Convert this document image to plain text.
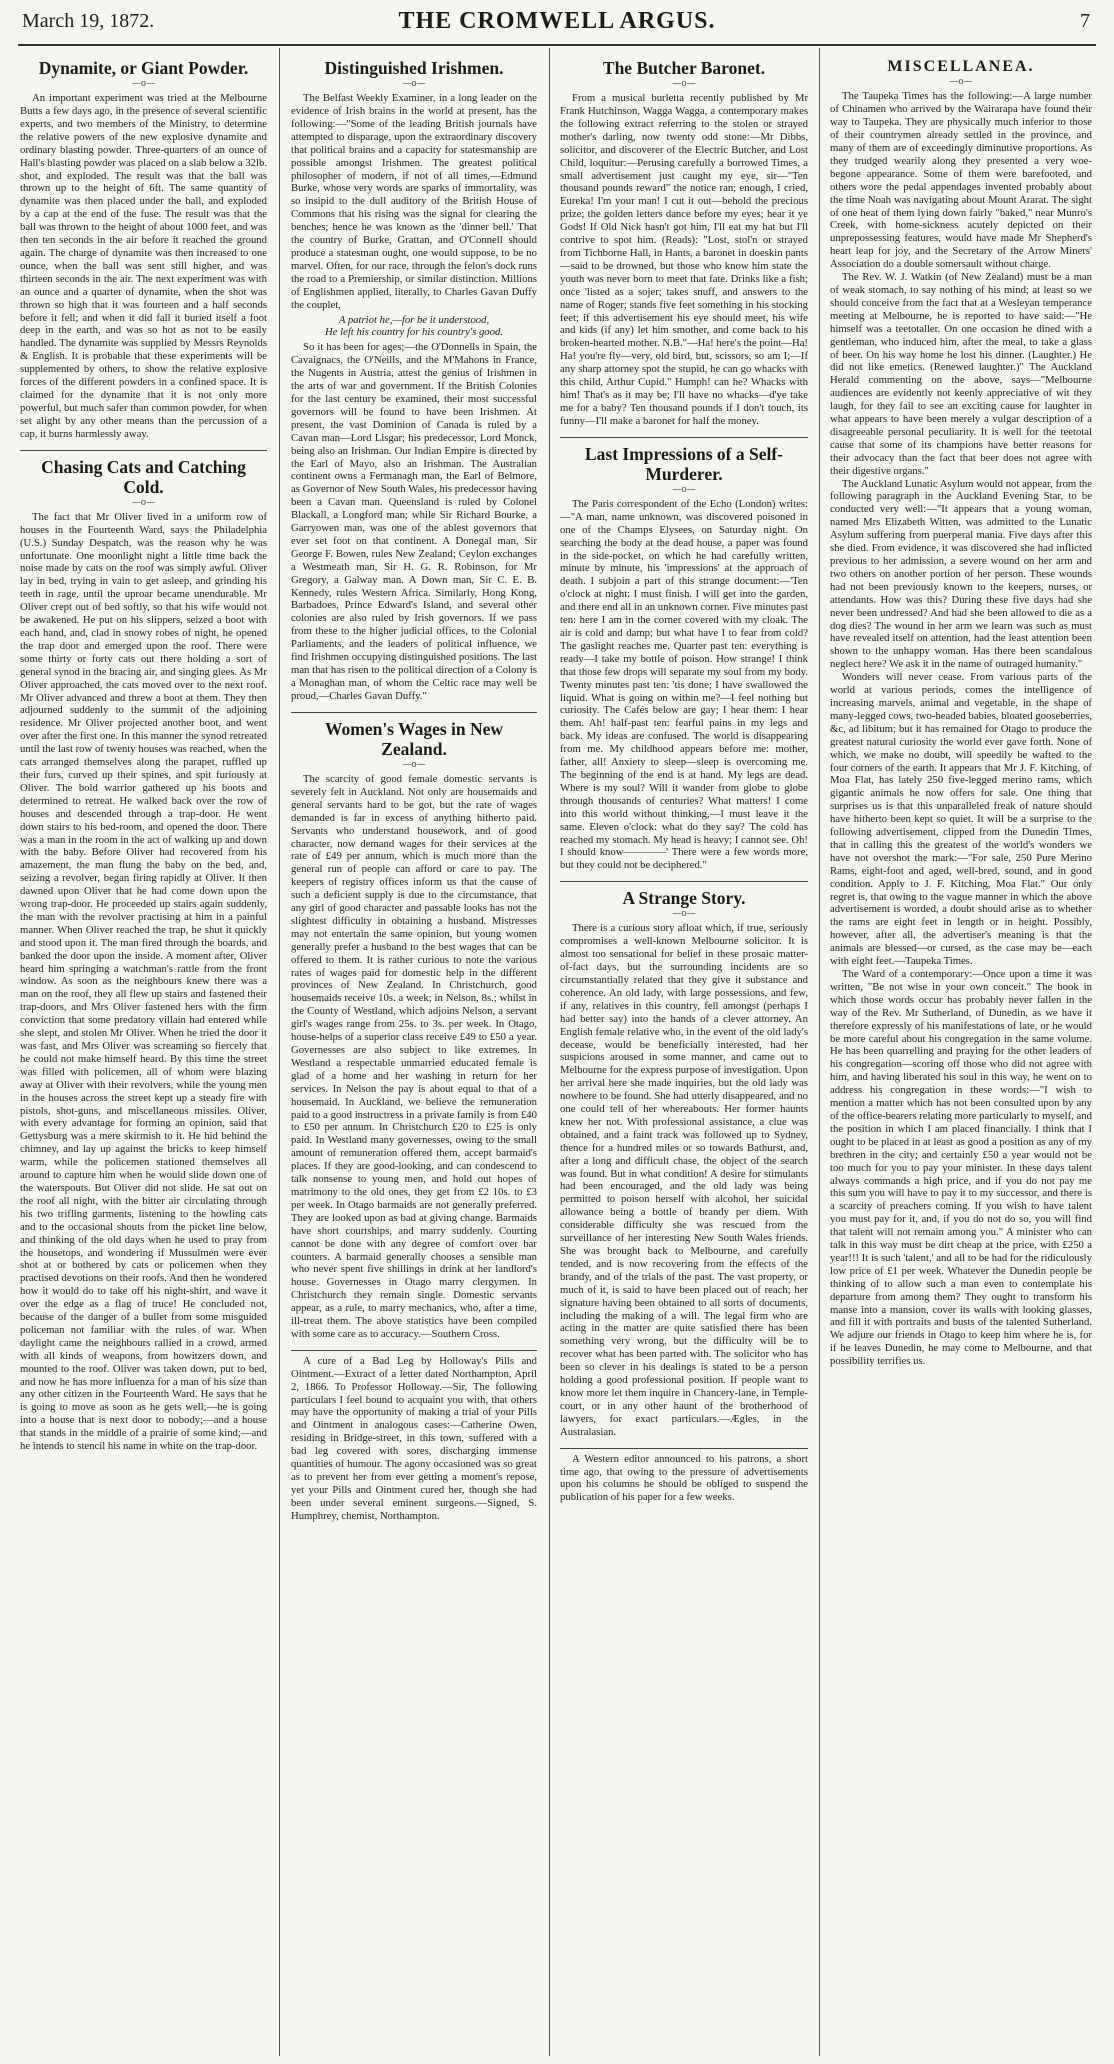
March 19, 1872.	THE CROMWELL ARGUS.	7
Dynamite, or Giant Powder.
—o—

An important experiment was tried at the Melbourne Butts a few days ago, in the presence of several scientific experts, and two members of the Ministry, to determine the relative powers of the new explosive dynamite and ordinary blasting powder. Three-quarters of an ounce of Hall's blasting powder was placed on a slab below a 32lb. shot, and exploded. The result was that the ball was thrown up to the height of 6ft. The same quantity of dynamite was then placed under the ball, and exploded by a cap at the end of the fuse. The result was that the ball was thrown to the height of about 1000 feet, and was then ten seconds in the air before it reached the ground again. The charge of dynamite was then increased to one ounce, when the ball was sent still higher, and was thirteen seconds in the air. The next experiment was with an ounce and a quarter of dynamite, when the shot was thrown so high that it was fourteen and a half seconds before it fell; and when it did fall it buried itself a foot deep in the earth, and was so hot as not to be easily handled. The dynamite was supplied by Messrs Reynolds & English. It is probable that these experiments will be supplemented by others, to show the relative explosive forces of the different powders in a confined space. It is claimed for the dynamite that it is not only more powerful, but much safer than common powder, for when set alight by any other means than the percussion of a cap, it burns harmlessly away.

Chasing Cats and Catching Cold.
—o—

The fact that Mr Oliver lived in a uniform row of houses in the Fourteenth Ward, says the Philadelphia (U.S.) Sunday Despatch, was the reason why he was unfortunate. One moonlight night a little time back the noise made by cats on the roof was simply awful. Oliver lay in bed, trying in vain to get asleep, and grinding his teeth in rage, until the uproar became unendurable. Mr Oliver crept out of bed softly, so that his wife would not be awakened. He put on his slippers, seized a boot with each hand, and, clad in snowy robes of night, he opened the trap door and emerged upon the roof. There were some thirty or forty cats out there holding a sort of general synod in the bracing air, and singing glees. As Mr Oliver approached, the cats moved over to the next roof. Mr Oliver advanced and threw a boot at them. They then adjourned suddenly to the summit of the adjoining residence. Mr Oliver projected another boot, and went over after the first one. In this manner the synod retreated until the last row of twenty houses was reached, when the cats arranged themselves along the parapet, ruffled up their furs, curved up their spines, and spit furiously at Oliver. The bold warrior gathered up his boots and determined to retreat. He walked back over the row of houses and descended through a trap-door. He went down stairs to his bed-room, and opened the door. There was a man in the room in the act of walking up and down with the baby. Before Oliver had recovered from his amazement, the man flung the baby on the bed, and, seizing a revolver, began firing rapidly at Oliver. It then dawned upon Oliver that he had come down upon the wrong trap-door. He proceeded up stairs again suddenly, the man with the revolver practising at him in a painful manner. When Oliver reached the trap, he shut it quickly and stood upon it. The man fired through the boards, and banked the door upon the inside. A moment after, Oliver heard him springing a watchman's rattle from the front window. As soon as the neighbours knew there was a man on the roof, they all flew up stairs and fastened their trap-doors, and Mrs Oliver fastened hers with the firm conviction that some predatory villain had entered while she slept, and stolen Mr Oliver. When he tried the door it was fast, and Mrs Oliver was screaming so fiercely that he could not make himself heard. By this time the street was filled with policemen, all of whom were blazing away at Oliver with their revolvers, while the young men in the houses across the street kept up a steady fire with pistols, shot-guns, and miscellaneous missiles. Oliver, with every advantage for forming an opinion, said that Gettysburg was a mere skirmish to it. He hid behind the chimney, and lay up against the bricks to keep himself warm, while the policemen stationed themselves all around to capture him when he would slide down one of the waterspouts. But Oliver did not slide. He sat out on the roof all night, with the bitter air circulating through his two trifling garments, listening to the howling cats and to the occasional shouts from the picket line below, and thinking of the old days when he used to pray from the housetops, and wondering if Mussulmen were ever shot at or bothered by cats or policemen when they practised devotions on their roofs. And then he wondered how it would do to take off his night-shirt, and wave it over the edge as a flag of truce! He concluded not, because of the danger of a bullet from some misguided policeman not familiar with the rules of war. When daylight came the neighbours rallied in a crowd, armed with all kinds of weapons, from howitzers down, and mounted to the roof. Oliver was taken down, put to bed, and now he has more influenza for a man of his size than any other citizen in the Fourteenth Ward. He says that he is going to move as soon as he gets well;—he is going into a house that is next door to nobody;—and a house that stands in the middle of a prairie of some kind;—and he intends to stencil his name in white on the trap-door.

Distinguished Irishmen.
—o—

The Belfast Weekly Examiner, in a long leader on the evidence of Irish brains in the world at present, has the following:—"Some of the leading British journals have attempted to disparage, upon the extraordinary discovery that political brains and a capacity for statesmanship are possible amongst Irishmen. The greatest political philosopher of modern, if not of all times,—Edmund Burke, whose very words are sparks of immortality, was so insipid to the dull auditory of the British House of Commons that his rising was the signal for clearing the benches; hence he was known as the 'dinner bell.' That the country of Burke, Grattan, and O'Connell should produce a statesman ought, one would suppose, to be no marvel. Often, for our race, through the felon's dock runs the road to a Premiership, or similar distinction. Millions of Englishmen applied, literally, to Charles Gavan Duffy the couplet,

A patriot he,—for be it understood,
He left his country for his country's good.

So it has been for ages;—the O'Donnells in Spain, the Cavaignacs, the O'Neills, and the M'Mahons in France, the Nugents in Austria, attest the genius of Irishmen in the arts of war and government. If the British Colonies for the last century be examined, their most successful governors will be found to have been Irishmen. At present, the vast Dominion of Canada is ruled by a Cavan man—Lord Lisgar; his predecessor, Lord Monck, being also an Irishman. Our Indian Empire is directed by the Earl of Mayo, also an Irishman. The Australian continent owns a Fermanagh man, the Earl of Belmore, as Governor of New South Wales, his predecessor having been a Cavan man. Queensland is ruled by Colonel Blackall, a Longford man; while Sir Richard Bourke, a Garryowen man, was one of the ablest governors that ever set foot on that continent. A Donegal man, Sir George F. Bowen, rules New Zealand; Ceylon exchanges a Westmeath man, Sir H. G. R. Robinson, for Mr Gregory, a Galway man. A Down man, Sir C. E. B. Kennedy, rules Western Africa. Similarly, Hong Kong, Barbadoes, Prince Edward's Island, and several other colonies are also ruled by Irish governors. If we pass from these to the higher judicial offices, to the Colonial Parliaments, and the leaders of political influence, we find Irishmen occupying distinguished positions. The last man that has risen to the political direction of a Colony is a Monaghan man, of whom the Celtic race may well be proud,—Charles Gavan Duffy."

Women's Wages in New Zealand.
—o—

The scarcity of good female domestic servants is severely felt in Auckland. Not only are housemaids and general servants hard to be got, but the rate of wages demanded is far in excess of anything hitherto paid. Servants who understand housework, and of good character, now demand wages for their services at the rate of £49 per annum, which is much more than the general run of people can afford or care to pay. The keepers of registry offices inform us that the cause of such a deficient supply is due to the circumstance, that any girl of good character and passable looks has not the slightest difficulty in obtaining a husband. Mistresses may not entertain the same opinion, but young women generally prefer a husband to the best wages that can be offered to them. It is rather curious to note the various rates of wages paid for domestic help in the different provinces of New Zealand. In Christchurch, good housemaids receive 10s. a week; in Nelson, 8s.; whilst in the County of Westland, which adjoins Nelson, a servant girl's wages range from 25s. to 3s. per week. In Otago, house-helps of a superior class receive £49 to £50 a year. Governesses are also subject to like extremes. In Westland a respectable unmarried educated female is glad of a home and her washing in return for her services. In Nelson the pay is about equal to that of a housemaid. In Auckland, we believe the remuneration paid to a good instructress in a private family is from £40 to £50 per annum. In Christchurch £20 to £25 is only paid. In Westland many governesses, owing to the small amount of remuneration offered them, accept barmaid's places. If they are good-looking, and can condescend to talk nonsense to young men, and hold out hopes of matrimony to the old ones, they get from £2 10s. to £3 per week. In Otago barmaids are not generally preferred. They are looked upon as bad at giving change. Barmaids have short courtships, and marry suddenly. Courting cannot be done with any degree of comfort over bar counters. A barmaid generally chooses a sensible man who never spent five shillings in drink at her landlord's house. Governesses in Otago marry clergymen. In Christchurch they remain single. Domestic servants appear, as a rule, to marry mechanics, who, after a time, ill-treat them. The above statistics have been compiled with some care as to accuracy.—Southern Cross.

A cure of a Bad Leg by Holloway's Pills and Ointment.—Extract of a letter dated Northampton, April 2, 1866. To Professor Holloway.—Sir, The following particulars I feel bound to acquaint you with, that others may have the opportunity of making a trial of your Pills and Ointment in analogous cases:—Catherine Owen, residing in Bridge-street, in this town, suffered with a bad leg covered with sores, discharging immense quantities of humour. The agony occasioned was so great as to prevent her from ever getting a moment's repose, yet your Pills and Ointment cured her, though she had been under several eminent surgeons.—Signed, S. Humphrey, chemist, Northampton.

The Butcher Baronet.
—o—

From a musical burletta recently published by Mr Frank Hutchinson, Wagga Wagga, a contemporary makes the following extract referring to the stolen or strayed mother's darling, now twenty odd stone:—Mr Dibbs, solicitor, and discoverer of the Electric Butcher, and Lost Child, loquitur:—Perusing carefully a borrowed Times, a small advertisement just caught my eye, sir—"Ten thousand pounds reward" the notice ran; enough, I cried, Eureka! I'm your man! I cut it out—behold the precious prize; the golden letters dance before my eyes; hear it ye Gods! If Old Nick hasn't got him, I'll eat my hat but I'll contrive to spot him. (Reads): "Lost, stol'n or strayed from Tichborne Hall, in Hants, a baronet in doeskin pants—said to be drowned, but those who know him state the youth was never born to meet that fate. Drinks like a fish; once 'listed as a sojer; takes snuff, and answers to the name of Roger; stands five feet something in his stocking feet; if this advertisement his eye should meet, his wife and kids (if any) let him smother, and come back to his broken-hearted mother. N.B."—Ha! here's the point—Ha! Ha! you're fly—very, old bird, but, scissors, so am I;—If any sharp attorney spot the stupid, he can go whacks with this child, Arthur Cupid." Humph! can he? Whacks with him! That's as it may be; I'll have no whacks—d'ye take me for a baby? Ten thousand pounds if I don't touch, its funny—I'll make a baronet for half the money.

Last Impressions of a Self-Murderer.
—o—

The Paris correspondent of the Echo (London) writes:—"A man, name unknown, was discovered poisoned in one of the Champs Elysees, on Saturday night. On searching the body at the dead house, a paper was found in the side-pocket, on which he had carefully written, minute by minute, his 'impressions' at the approach of death. I subjoin a part of this strange document:—'Ten o'clock at night: I must finish. I will get into the garden, and there end all in an unknown corner. Five minutes past ten: here I am in the corner covered with my cloak. The air is cold and damp; but what have I to fear from cold? The gaslight reaches me. Quarter past ten: everything is ready—I take my bottle of poison. How strange! I think that those few drops will separate my soul from my body. Twenty minutes past ten: 'tis done; I have swallowed the liquid. What is going on within me?—I feel nothing but curiosity. The Cafés below are gay; I hear them: I hear them. Ah! half-past ten: fearful pains in my legs and back. My ideas are confused. The world is disappearing from me. My childhood appears before me: mother, father, all! Anxiety to sleep—sleep is overcoming me. The beginning of the end is at hand. My legs are dead. Where is my soul? Will it wander from globe to globe through thousands of centuries? What matters! I come into this world without thinking,—I must leave it the same. Eleven o'clock: what do they say? The cold has reached my stomach. My head is heavy; I cannot see. Oh! I should know————' There were a few words more, but they could not be deciphered."

A Strange Story.
—o—

There is a curious story afloat which, if true, seriously compromises a well-known Melbourne solicitor. It is almost too sensational for belief in these prosaic matter-of-fact days, but the surrounding incidents are so circumstantially related that they give it substance and coherence. An old lady, with large possessions, and few, if any, relatives in this country, fell amongst (perhaps I had better say) into the hands of a clever attorney. An English female relative who, in the event of the old lady's decease, would be beneficially interested, had her suspicions aroused in some manner, and came out to Melbourne for the express purpose of investigation. Upon her arrival here she made inquiries, but the old lady was nowhere to be found. She had utterly disappeared, and no one could tell of her whereabouts. Her former haunts knew her not. With professional assistance, a clue was obtained, and a faint track was followed up to Sydney, thence for a hundred miles or so towards Bathurst, and, after a long and difficult chase, the object of the search was found. But in what condition! A desire for stimulants had been encouraged, and the old lady was being permitted to poison herself with alcohol, her suicidal allowance being a bottle of brandy per diem. With considerable difficulty she was rescued from the surveillance of her interesting New South Wales friends. She was brought back to Melbourne, and carefully tended, and is now recovering from the effects of the brandy, and of the trials of the past. The vast property, or much of it, is said to have been placed out of reach; her signature having been obtained to all sorts of documents, including the making of a will. The legal firm who are acting in the matter are quite satisfied there has been something very wrong, but the difficulty will be to recover what has been parted with. The solicitor who has been so clever in his dealings is stated to be a person holding a good professional position. If people want to know more let them inquire in Chancery-lane, in Temple-court, or in any other haunt of the brotherhood of lawyers, for exact particulars.—Ægles, in the Australasian.

A Western editor announced to his patrons, a short time ago, that owing to the pressure of advertisements upon his columns he should be obliged to suspend the publication of his paper for a few weeks.

MISCELLANEA.
—o—

The Taupeka Times has the following:—A large number of Chinamen who arrived by the Wairarapa have found their way to Taupeka. They are physically much inferior to those of their countrymen already settled in the province, and many of them are of exceedingly diminutive proportions. As they trudged wearily along they presented a very woe-begone appearance. Some of them were barefooted, and others wore the pedal appendages invented probably about the time Noah was navigating about Mount Ararat. The sight of one heat of them lying down fairly "baked," near Munro's Creek, with home-sickness acutely depicted on their unprepossessing features, would have made Mr Shepherd's heart leap for joy, and the Secretary of the Arrow Miners' Association do a double somersault without charge.

The Rev. W. J. Watkin (of New Zealand) must be a man of weak stomach, to say nothing of his mind; at least so we should conceive from the fact that at a Wesleyan temperance meeting at Melbourne, he is reported to have said:—"He himself was a teetotaller. On one occasion he dined with a gentleman, who induced him, after the meal, to take a glass of beer. On his way home he lost his dinner. (Laughter.) He did not like emetics. (Renewed laughter.)" The Auckland Herald commenting on the above, says—"Melbourne audiences are evidently not keenly appreciative of wit they laugh, for they fail to see an exciting cause for laughter in what appears to have been merely a vulgar description of a disagreeable personal peculiarity. It is well for the teetotal cause that some of its champions have better reasons for their advocacy than the fact that beer does not agree with their digestive organs."

The Auckland Lunatic Asylum would not appear, from the following paragraph in the Auckland Evening Star, to be conducted very well:—"It appears that a young woman, named Mrs Elizabeth Witten, was admitted to the Lunatic Asylum suffering from puerperal mania. Five days after this she died. From evidence, it was discovered she had inflicted previous to her admission, a severe wound on her arm and two others on another portion of her person. These wounds had not been previously known to the keepers, nurses, or attendants. How was this? During these five days had she never been undressed? And had she been allowed to die as a dog dies? The wound in her arm we learn was such as must have revealed itself on attention, had the least attention been shown to the unhappy woman. Has there been scandalous neglect here? We ask it in the name of outraged humanity."

Wonders will never cease. From various parts of the world at various periods, comes the intelligence of increasing marvels, animal and vegetable, in the shape of many-legged cows, two-headed babies, bloated gooseberries, &c, ad libitum; but it has remained for Otago to produce the greatest natural curiosity the world ever gave forth. None of which, we make no doubt, will speedily be wafted to the four corners of the earth. It appears that Mr J. F. Kitching, of Moa Flat, has lately 250 five-legged merino rams, which gigantic animals he now offers for sale. One thing that surprises us is that this unparalleled freak of nature should have hitherto been kept so quiet. It will be a surprise to the following advertisement, clipped from the Dunedin Times, that in calling this the greatest of the world's wonders we have not overshot the mark:—"For sale, 250 Pure Merino Rams, eight-foot and aged, well-bred, sound, and in good condition. Apply to J. F. Kitching, Moa Flat." Our only regret is, that owing to the vague manner in which the above advertisement is worded, a doubt should arise as to whether the rams are eight feet in length or in height. Possibly, however, after all, the advertiser's meaning is that the animals are blessed—or cursed, as the case may be—each with eight feet.—Taupeka Times.

The Ward of a contemporary:—Once upon a time it was written, "Be not wise in your own conceit." The book in which those words occur has probably never fallen in the way of the Rev. Mr Sutherland, of Dunedin, as we have it therefore expressly of his manifestations of late, or he would be more careful about his congregation in the same volume. He has been quarrelling and praying for the other leaders of his congregation—scoring off those who did not agree with him, and having liberated his soul in this way, he went on to address his congregation in these words:—"I wish to mention a matter which has not been consulted upon by any of the office-bearers relating more particularly to myself, and the position in which I am placed financially. I think that I ought to be placed in at least as good a position as any of my brethren in the city; and certainly £50 a year would not be too much for you to pay your minister. In these days talent always commands a high price, and if you do not pay me this sum you will have to pay it to my successor, and there is a scarcity of preachers coming. If you wish to have talent you must pay for it, and, if you do not do so, you will find that talent will not remain among you." A minister who can talk in this way must be dirt cheap at the price, with £250 a year!!! It is such 'talent,' and all to be had for the ridiculously low price of £1 per week. Whatever the Dunedin people be thinking of to allow such a man even to contemplate his departure from among them? They ought to transform his manse into a mansion, cover its walls with looking glasses, and fill it with portraits and busts of the talented Sutherland. We adjure our friends in Otago to keep him where he is, for if he leaves Dunedin, he may come to Melbourne, and that possibility terrifies us.
